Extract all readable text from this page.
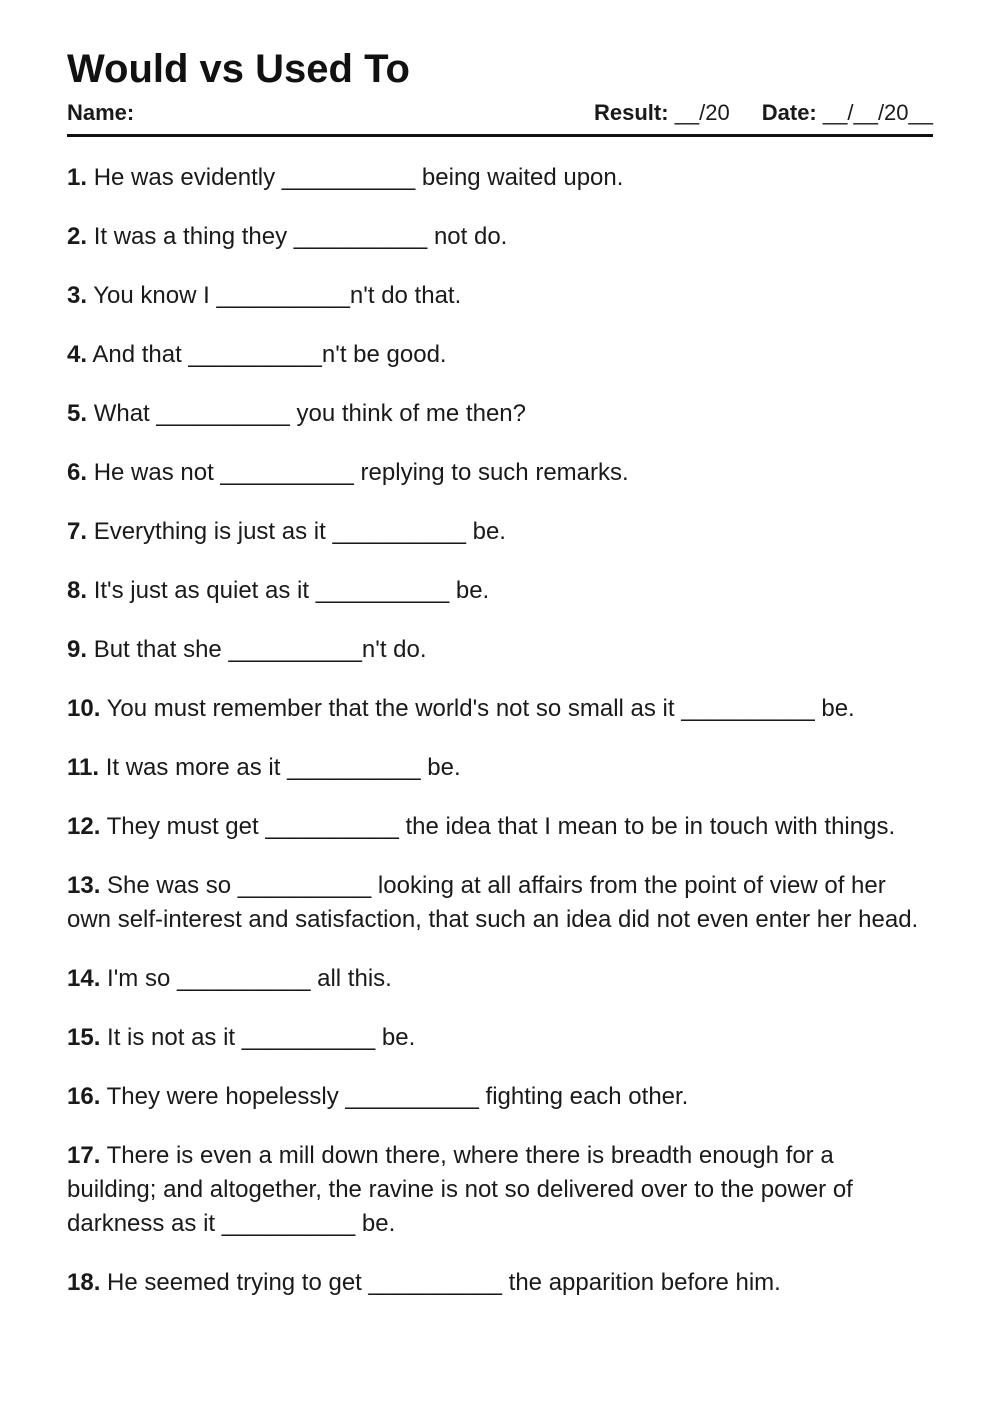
Would vs Used To
Name:	Result: __/20 Date: __/__/20__
1. He was evidently __________ being waited upon.
2. It was a thing they __________ not do.
3. You know I __________n't do that.
4. And that __________n't be good.
5. What __________ you think of me then?
6. He was not __________ replying to such remarks.
7. Everything is just as it __________ be.
8. It's just as quiet as it __________ be.
9. But that she __________n't do.
10. You must remember that the world's not so small as it __________ be.
11. It was more as it __________ be.
12. They must get __________ the idea that I mean to be in touch with things.
13. She was so __________ looking at all affairs from the point of view of her own self-interest and satisfaction, that such an idea did not even enter her head.
14. I'm so __________ all this.
15. It is not as it __________ be.
16. They were hopelessly __________ fighting each other.
17. There is even a mill down there, where there is breadth enough for a building; and altogether, the ravine is not so delivered over to the power of darkness as it __________ be.
18. He seemed trying to get __________ the apparition before him.
